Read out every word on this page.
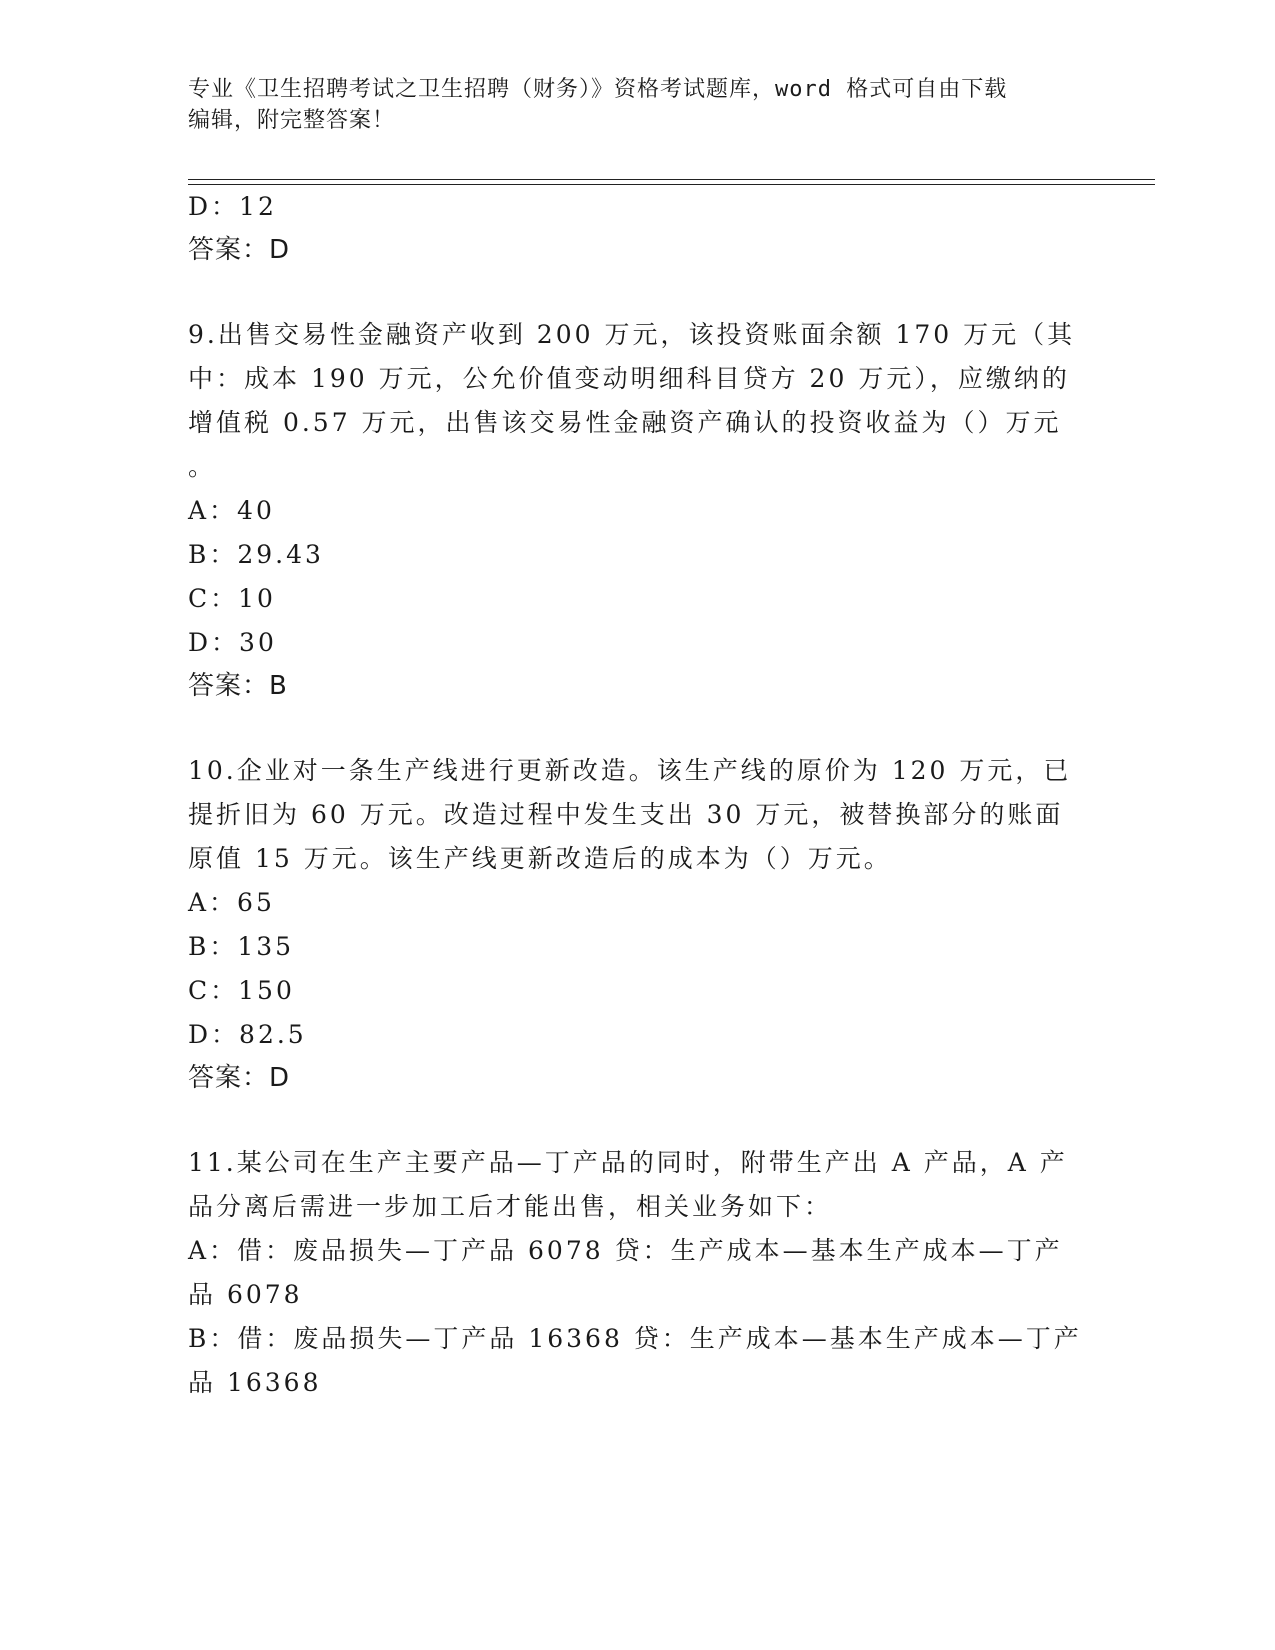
专业《卫生招聘考试之卫生招聘（财务）》资格考试题库，word 格式可自由下载
编辑，附完整答案！
D：12
答案：D
9.出售交易性金融资产收到 200 万元，该投资账面余额 170 万元（其
中：成本 190 万元，公允价值变动明细科目贷方 20 万元），应缴纳的
增值税 0.57 万元，出售该交易性金融资产确认的投资收益为（）万元
。
A：40
B：29.43
C：10
D：30
答案：B
10.企业对一条生产线进行更新改造。该生产线的原价为 120 万元，已
提折旧为 60 万元。改造过程中发生支出 30 万元，被替换部分的账面
原值 15 万元。该生产线更新改造后的成本为（）万元。
A：65
B：135
C：150
D：82.5
答案：D
11.某公司在生产主要产品—丁产品的同时，附带生产出 A 产品，A 产
品分离后需进一步加工后才能出售，相关业务如下：
A：借：废品损失—丁产品 6078 贷：生产成本—基本生产成本—丁产
品 6078
B：借：废品损失—丁产品 16368 贷：生产成本—基本生产成本—丁产
品 16368
